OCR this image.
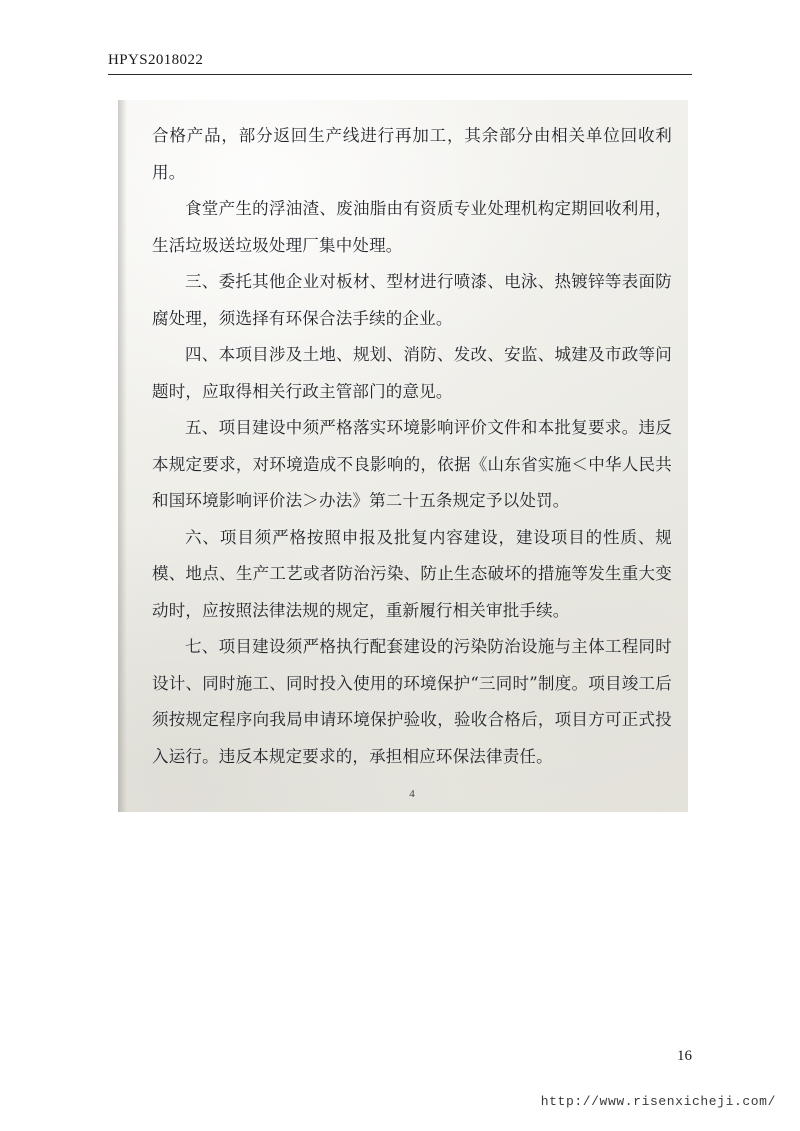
HPYS2018022

合格产品，部分返回生产线进行再加工，其余部分由相关单位回收利用。

食堂产生的浮油渣、废油脂由有资质专业处理机构定期回收利用，生活垃圾送垃圾处理厂集中处理。

三、委托其他企业对板材、型材进行喷漆、电泳、热镀锌等表面防腐处理，须选择有环保合法手续的企业。

四、本项目涉及土地、规划、消防、发改、安监、城建及市政等问题时，应取得相关行政主管部门的意见。

五、项目建设中须严格落实环境影响评价文件和本批复要求。违反本规定要求，对环境造成不良影响的，依据《山东省实施＜中华人民共和国环境影响评价法＞办法》第二十五条规定予以处罚。

六、项目须严格按照申报及批复内容建设，建设项目的性质、规模、地点、生产工艺或者防治污染、防止生态破坏的措施等发生重大变动时，应按照法律法规的规定，重新履行相关审批手续。

七、项目建设须严格执行配套建设的污染防治设施与主体工程同时设计、同时施工、同时投入使用的环境保护“三同时”制度。项目竣工后须按规定程序向我局申请环境保护验收，验收合格后，项目方可正式投入运行。违反本规定要求的，承担相应环保法律责任。

4
16
http://www.risenxicheji.com/
